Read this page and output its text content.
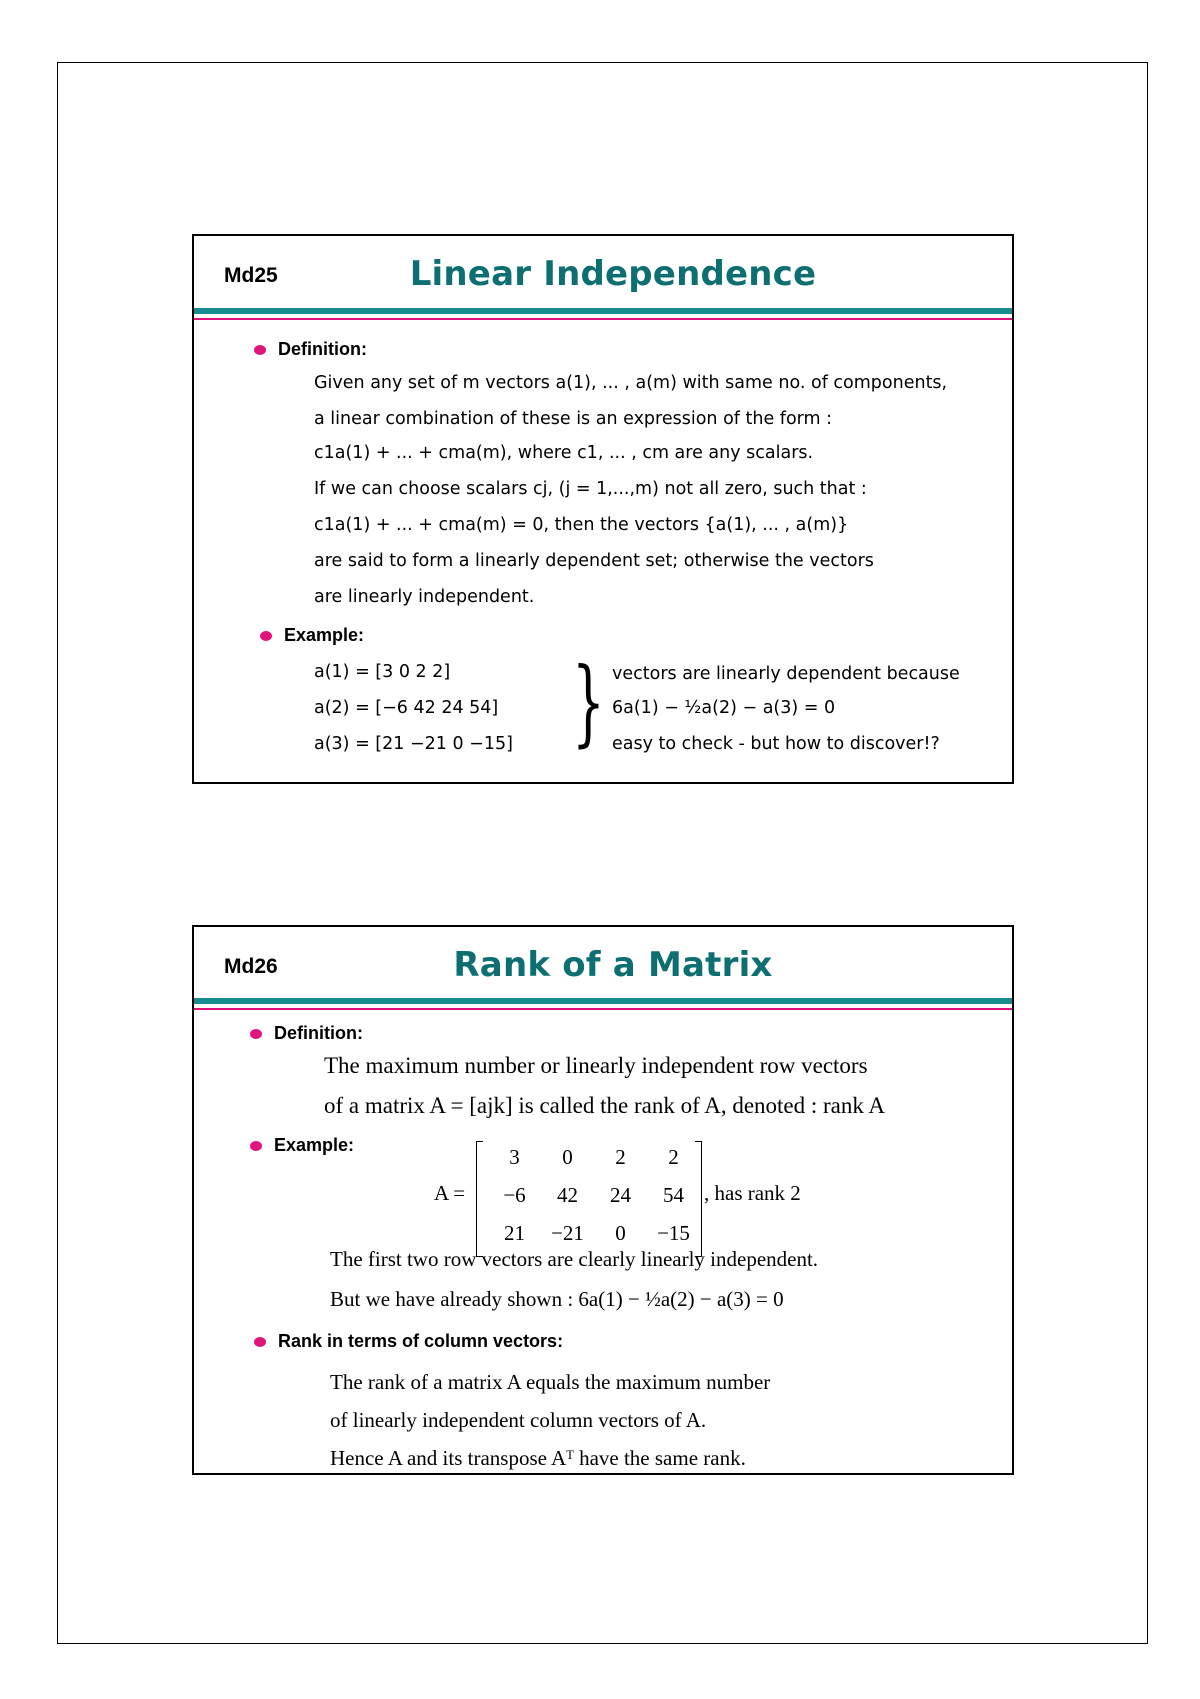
Md25	Linear Independence
Definition:
Given any set of m vectors a(1), ... , a(m) with same no. of components,
a linear combination of these is an expression of the form :
c1a(1) + ... + cma(m), where c1, ... , cm are any scalars.
If we can choose scalars cj, (j = 1,...,m) not all zero, such that :
c1a(1) + ... + cma(m) = 0, then the vectors {a(1), ... , a(m)}
are said to form a linearly dependent set; otherwise the vectors
are linearly independent.
Example:
a(1) = [3 0 2 2]
a(2) = [−6 42 24 54]
a(3) = [21 −21 0 −15] } vectors are linearly dependent because
6a(1) − ½a(2) − a(3) = 0
easy to check - but how to discover!?
Md26	Rank of a Matrix
Definition:
The maximum number or linearly independent row vectors
of a matrix A = [ajk] is called the rank of A, denoted : rank A
Example:
A =
3	0	2	2
−6	42	24	54
21	−21	0	−15
, has rank 2
The first two row vectors are clearly linearly independent.
But we have already shown : 6a(1) − ½a(2) − a(3) = 0
Rank in terms of column vectors:
The rank of a matrix A equals the maximum number
of linearly independent column vectors of A.
Hence A and its transpose Aᵀ have the same rank.
